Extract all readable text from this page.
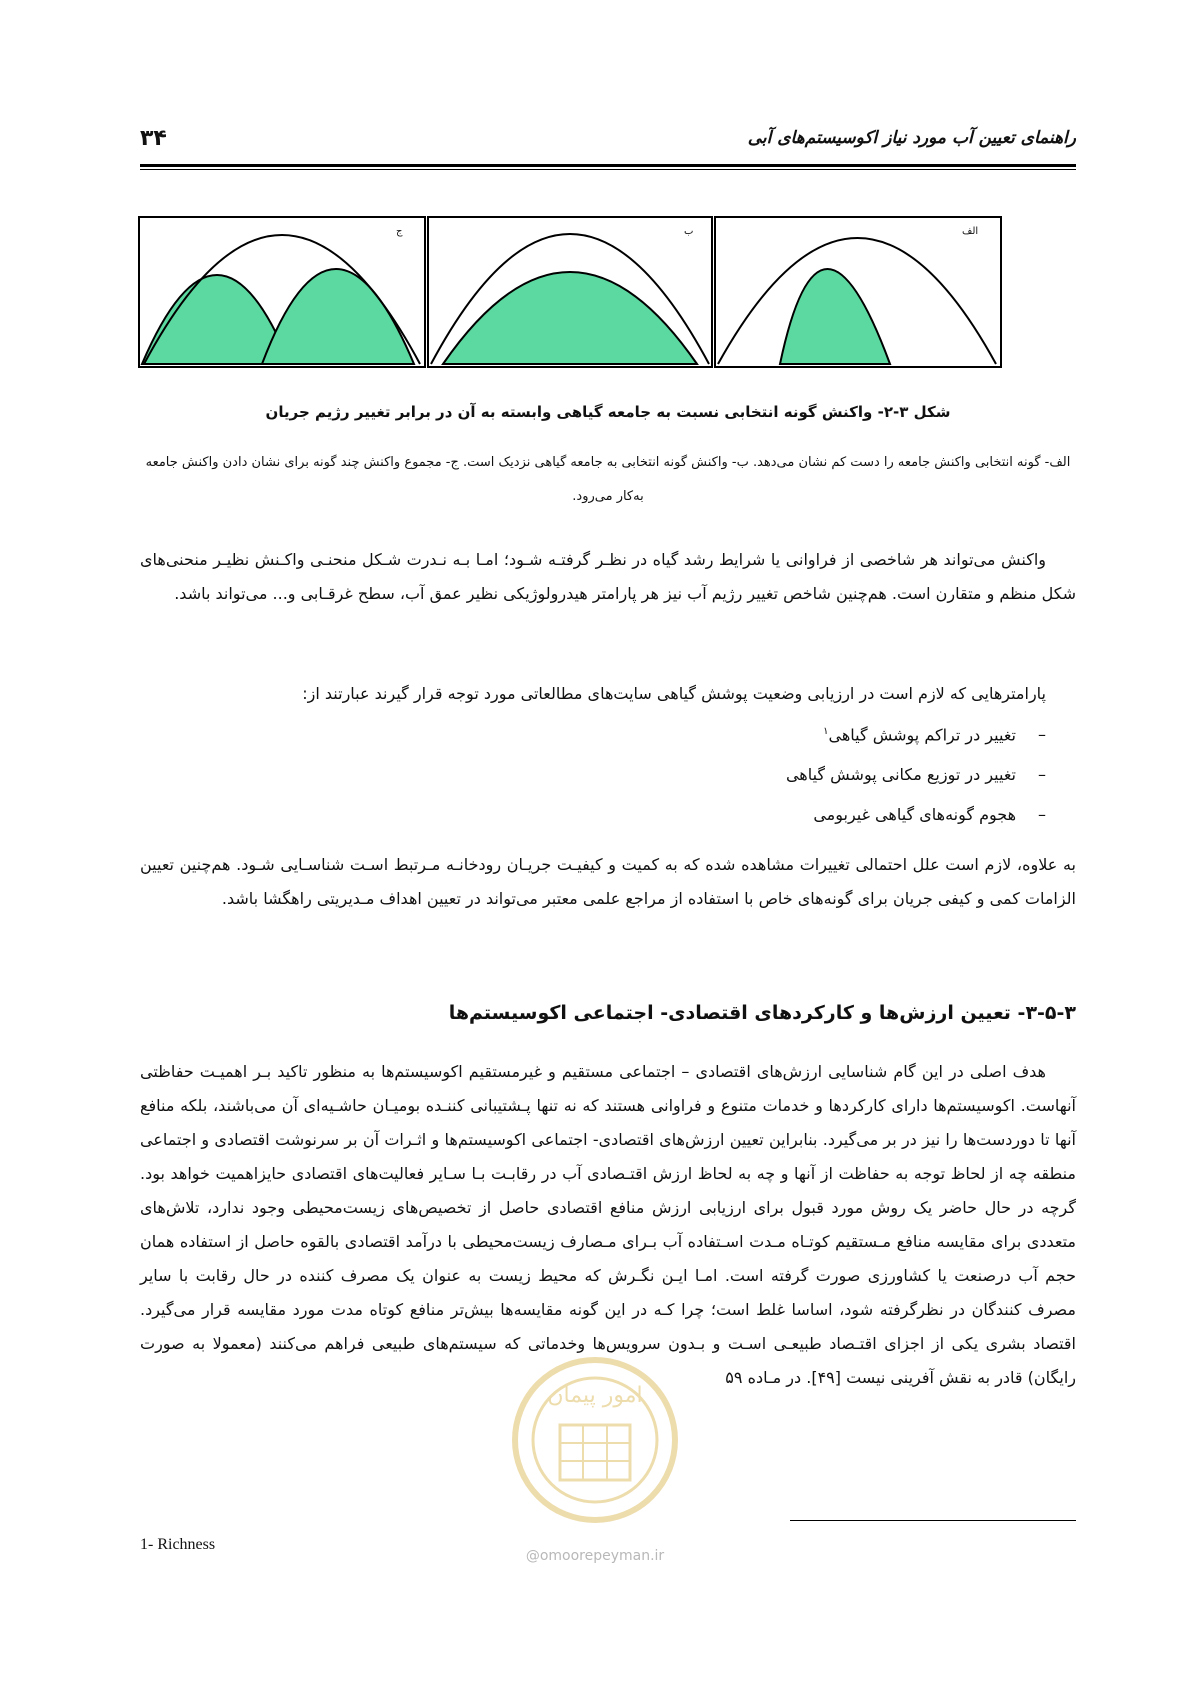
راهنمای تعیین آب مورد نیاز اکوسیستم‌های آبی
۳۴
ج	ب	الف
شکل ۳-۲- واکنش گونه انتخابی نسبت به جامعه گیاهی وابسته به آن در برابر تغییر رژیم جریان
الف- گونه انتخابی واکنش جامعه را دست کم نشان می‌دهد. ب- واکنش گونه انتخابی به جامعه گیاهی نزدیک است. ج- مجموع واکنش چند گونه برای نشان دادن واکنش جامعه به‌کار می‌رود.

واکنش می‌تواند هر شاخصی از فراوانی یا شرایط رشد گیاه در نظـر گرفتـه شـود؛ امـا بـه نـدرت شـکل منحنـی واکـنش نظیـر منحنی‌های شکل منظم و متقارن است. هم‌چنین شاخص تغییر رژیم آب نیز هر پارامتر هیدرولوژیکی نظیر عمق آب، سطح غرقـابی و... می‌تواند باشد.

پارامترهایی که لازم است در ارزیابی وضعیت پوشش گیاهی سایت‌های مطالعاتی مورد توجه قرار گیرند عبارتند از:

–تغییر در تراکم پوشش گیاهی$^۱$
–تغییر در توزیع مکانی پوشش گیاهی
–هجوم گونه‌های گیاهی غیربومی

به علاوه، لازم است علل احتمالی تغییرات مشاهده شده که به کمیت و کیفیـت جریـان رودخانـه مـرتبط اسـت شناسـایی شـود. هم‌چنین تعیین الزامات کمی و کیفی جریان برای گونه‌های خاص با استفاده از مراجع علمی معتبر می‌تواند در تعیین اهداف مـدیریتی راهگشا باشد.

۳-۵-۳- تعیین ارزش‌ها و کارکردهای اقتصادی- اجتماعی اکوسیستم‌ها

هدف اصلی در این گام شناسایی ارزش‌های اقتصادی – اجتماعی مستقیم و غیرمستقیم اکوسیستم‌ها به منظور تاکید بـر اهمیـت حفاظتی آنهاست. اکوسیستم‌ها دارای کارکردها و خدمات متنوع و فراوانی هستند که نه تنها پـشتیبانی کننـده بومیـان حاشـیه‌ای آن می‌باشند، بلکه منافع آنها تا دوردست‌ها را نیز در بر می‌گیرد. بنابراین تعیین ارزش‌های اقتصادی- اجتماعی اکوسیستم‌ها و اثـرات آن بر سرنوشت اقتصادی و اجتماعی منطقه چه از لحاظ توجه به حفاظت از آنها و چه به لحاظ ارزش اقتـصادی آب در رقابـت بـا سـایر فعالیت‌های اقتصادی حایزاهمیت خواهد بود. گرچه در حال حاضر یک روش مورد قبول برای ارزیابی ارزش منافع اقتصادی حاصل از تخصیص‌های زیست‌محیطی وجود ندارد، تلاش‌های متعددی برای مقایسه منافع مـستقیم کوتـاه مـدت اسـتفاده آب بـرای مـصارف زیست‌محیطی با درآمد اقتصادی بالقوه حاصل از استفاده همان حجم آب درصنعت یا کشاورزی صورت گرفته است. امـا ایـن نگـرش که محیط زیست به عنوان یک مصرف کننده در حال رقابت با سایر مصرف کنندگان در نظرگرفته شود، اساسا غلط است؛ چرا کـه در این گونه مقایسه‌ها بیش‌تر منافع کوتاه مدت مورد مقایسه قرار می‌گیرد. اقتصاد بشری یکی از اجزای اقتـصاد طبیعـی اسـت و بـدون سرویس‌ها وخدماتی که سیستم‌های طبیعی فراهم می‌کنند (معمولا به صورت رایگان) قادر به نقش آفرینی نیست [۴۹]. در مـاده ۵۹

امور پیمان
@omoorepeyman.ir
1- Richness
